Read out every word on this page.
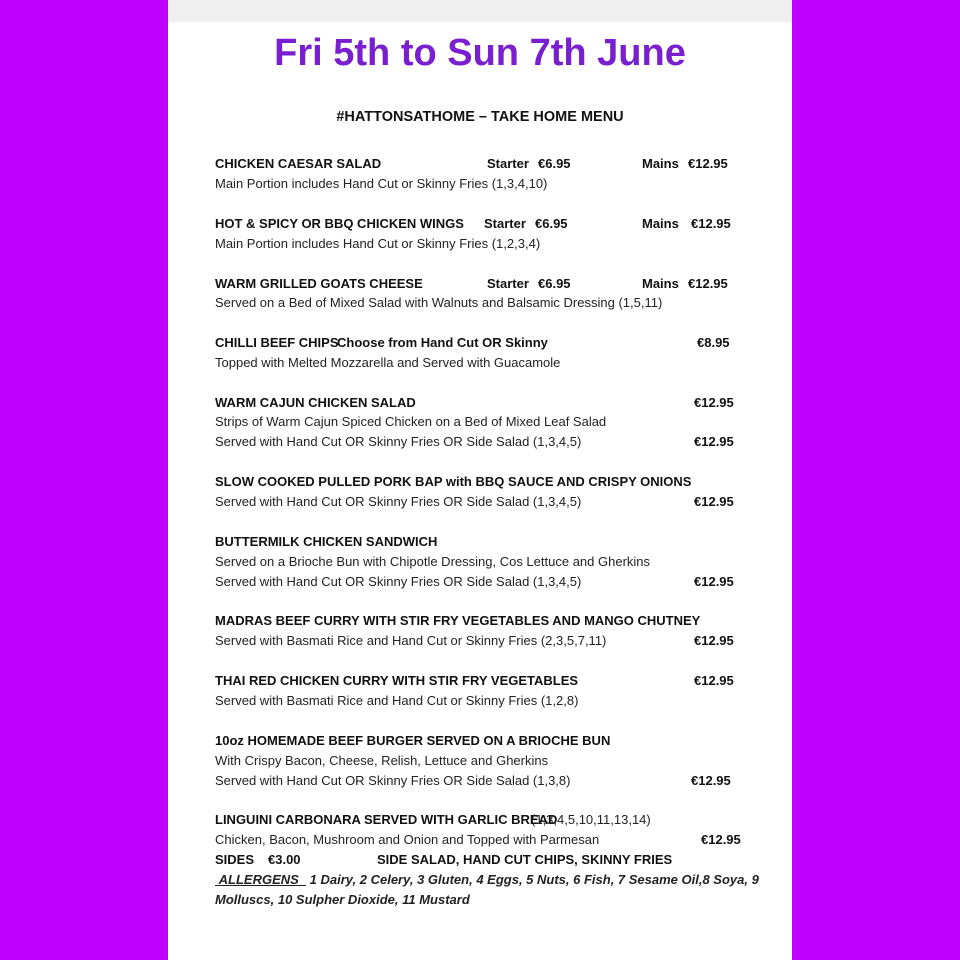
Fri 5th to Sun 7th June
#HATTONSATHOME – TAKE HOME MENU
CHICKEN CAESAR SALAD	Starter €6.95	Mains €12.95
Main Portion includes Hand Cut or Skinny Fries (1,3,4,10)
HOT & SPICY OR BBQ CHICKEN WINGS Starter €6.95	Mains €12.95
Main Portion includes Hand Cut or Skinny Fries (1,2,3,4)
WARM GRILLED GOATS CHEESE	Starter €6.95	Mains €12.95
Served on a Bed of Mixed Salad with Walnuts and Balsamic Dressing (1,5,11)
CHILLI BEEF CHIPS
Choose from Hand Cut OR Skinny	€8.95
Topped with Melted Mozzarella and Served with Guacamole
WARM CAJUN CHICKEN SALAD	€12.95
Strips of Warm Cajun Spiced Chicken on a Bed of Mixed Leaf Salad
Served with Hand Cut OR Skinny Fries OR Side Salad (1,3,4,5)	€12.95
SLOW COOKED PULLED PORK BAP with BBQ SAUCE AND CRISPY ONIONS
Served with Hand Cut OR Skinny Fries OR Side Salad (1,3,4,5)	€12.95
BUTTERMILK CHICKEN SANDWICH
Served on a Brioche Bun with Chipotle Dressing, Cos Lettuce and Gherkins
Served with Hand Cut OR Skinny Fries OR Side Salad (1,3,4,5)	€12.95
MADRAS BEEF CURRY WITH STIR FRY VEGETABLES AND MANGO CHUTNEY
Served with Basmati Rice and Hand Cut or Skinny Fries (2,3,5,7,11)	€12.95
THAI RED CHICKEN CURRY WITH STIR FRY VEGETABLES	€12.95
Served with Basmati Rice and Hand Cut or Skinny Fries (1,2,8)
10oz HOMEMADE BEEF BURGER SERVED ON A BRIOCHE BUN
With Crispy Bacon, Cheese, Relish, Lettuce and Gherkins
Served with Hand Cut OR Skinny Fries OR Side Salad (1,3,8)	€12.95
LINGUINI CARBONARA SERVED WITH GARLIC BREAD
(1,3,4,5,10,11,13,14)
Chicken, Bacon, Mushroom and Onion and Topped with Parmesan	€12.95
SIDES €3.00	SIDE SALAD, HAND CUT CHIPS, SKINNY FRIES
ALLERGENS 1 Dairy, 2 Celery, 3 Gluten, 4 Eggs, 5 Nuts, 6 Fish, 7 Sesame Oil,8 Soya, 9
Molluscs, 10 Sulpher Dioxide, 11 Mustard
